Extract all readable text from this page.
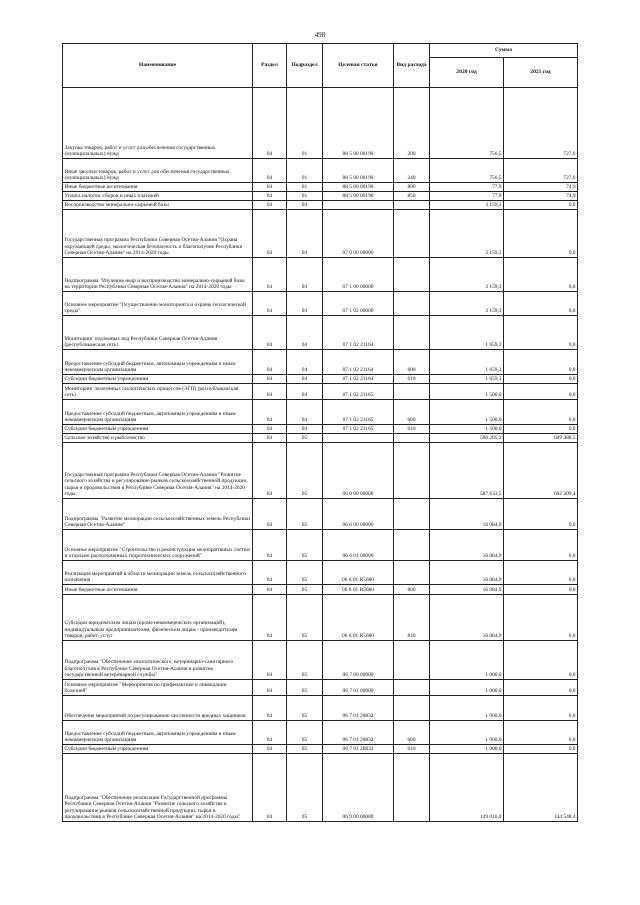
498
Наименование	Раздел	Подраздел	Целевая статья	Вид расхода	Сумма	
					2020 год	2021 год
Закупка товаров, работ и услуг для обеспечения государственных (муниципальных) нужд	04	01	88 5 00 00190	200	756,5	727,0
Иные закупки товаров, работ и услуг для обеспечения государственных (муниципальных) нужд	04	01	88 5 00 00190	240	756,5	727,0
Иные бюджетные ассигнования	04	01	88 5 00 00190	800	77,9	74,9
Уплата налогов, сборов и иных платежей	04	01	88 5 00 00190	850	77,9	74,9
Воспроизводство минерально-сырьевой базы	04	04			3 159,3	0,0
Государственная программа Республики Северная Осетия-Алания "Охрана окружающей среды, экологическая безопасность и благополучие Республики Северная Осетия-Алания" на 2014-2020 годы	04	04	07 0 00 00000		3 159,3	0,0
Подпрограмма "Изучение недр и воспроизводство минерально-сырьевой базы на территории Республики Северная Осетия-Алания" на 2014-2020 годы	04	04	07 1 00 00000		3 159,3	0,0
Основное мероприятие "Осуществление мониторинга и охраны геологической среды"	04	04	07 1 02 00000		3 159,3	0,0
Мониторинг подземных вод Республики Северная Осетия-Алания (республиканская сеть)	04	04	07 1 02 21164		1 659,3	0,0
Предоставление субсидий бюджетным, автономным учреждениям и иным некоммерческим организациям	04	04	07 1 02 21164	600	1 659,3	0,0
Субсидии бюджетным учреждениям	04	04	07 1 02 21164	610	1 659,3	0,0
Мониторинг экзогенных геологических процессов (ЭГП) (республиканская сеть)	04	04	07 1 02 21165		1 500,0	0,0
Предоставление субсидий бюджетным, автономным учреждениям и иным некоммерческим организациям	04	04	07 1 02 21165	600	1 500,0	0,0
Субсидии бюджетным учреждениям	04	04	07 1 02 21165	610	1 500,0	0,0
Сельское хозяйство и рыболовство	04	05			596 285,3	609 488,5
Государственная программа Республики Северная Осетия-Алания "Развитие сельского хозяйства и регулирование рынков сельскохозяйственной продукции, сырья и продовольствия в Республике Северная Осетия-Алания" на 2014-2020 годы	04	05	06 0 00 00000		587 633,5	602 209,4
Подпрограмма "Развитие мелиорации сельскохозяйственных земель Республики Северная Осетия-Алания"	04	05	06 6 00 00000		16 084,9	0,0
Основное мероприятие "Строительство и реконструкция мелиоративных систем и отдельно расположенных гидротехнических сооружений"	04	05	06 6 01 00000		16 084,9	0,0
Реализация мероприятий в области мелиорации земель сельскохозяйственного назначения	04	05	06 6 01 R5680		16 084,9	0,0
Иные бюджетные ассигнования	04	05	06 6 01 R5680	800	16 084,9	0,0
Субсидии юридическим лицам (кроме некоммерческих организаций), индивидуальным предпринимателям, физическим лицам - производителям товаров, работ, услуг	04	05	06 6 01 R5680	810	16 084,9	0,0
Подпрограмма "Обеспечение эпизоотического, ветеринарно-санитарного благополучия в Республике Северная Осетия-Алания и развитие государственной ветеринарной службы"	04	05	06 7 00 00000		1 000,0	0,0
Основное мероприятие "Мероприятия по профилактике и ликвидации болезней"	04	05	06 7 01 00000		1 000,0	0,0
Обеспечение мероприятий по регулированию численности вредных хищников	04	05	06 7 01 20832		1 000,0	0,0
Предоставление субсидий бюджетным, автономным учреждениям и иным некоммерческим организациям	04	05	06 7 01 20832	600	1 000,0	0,0
Субсидии бюджетным учреждениям	04	05	06 7 01 20832	610	1 000,0	0,0
Подпрограмма "Обеспечение реализации Государственной программы Республики Северная Осетия-Алания "Развитие сельского хозяйства и регулирование рынков сельскохозяйственной продукции, сырья и продовольствия в Республике Северная Осетия-Алания" на 2014-2020 годы"	04	05	06 9 00 00000		149 010,0	144 548,4
